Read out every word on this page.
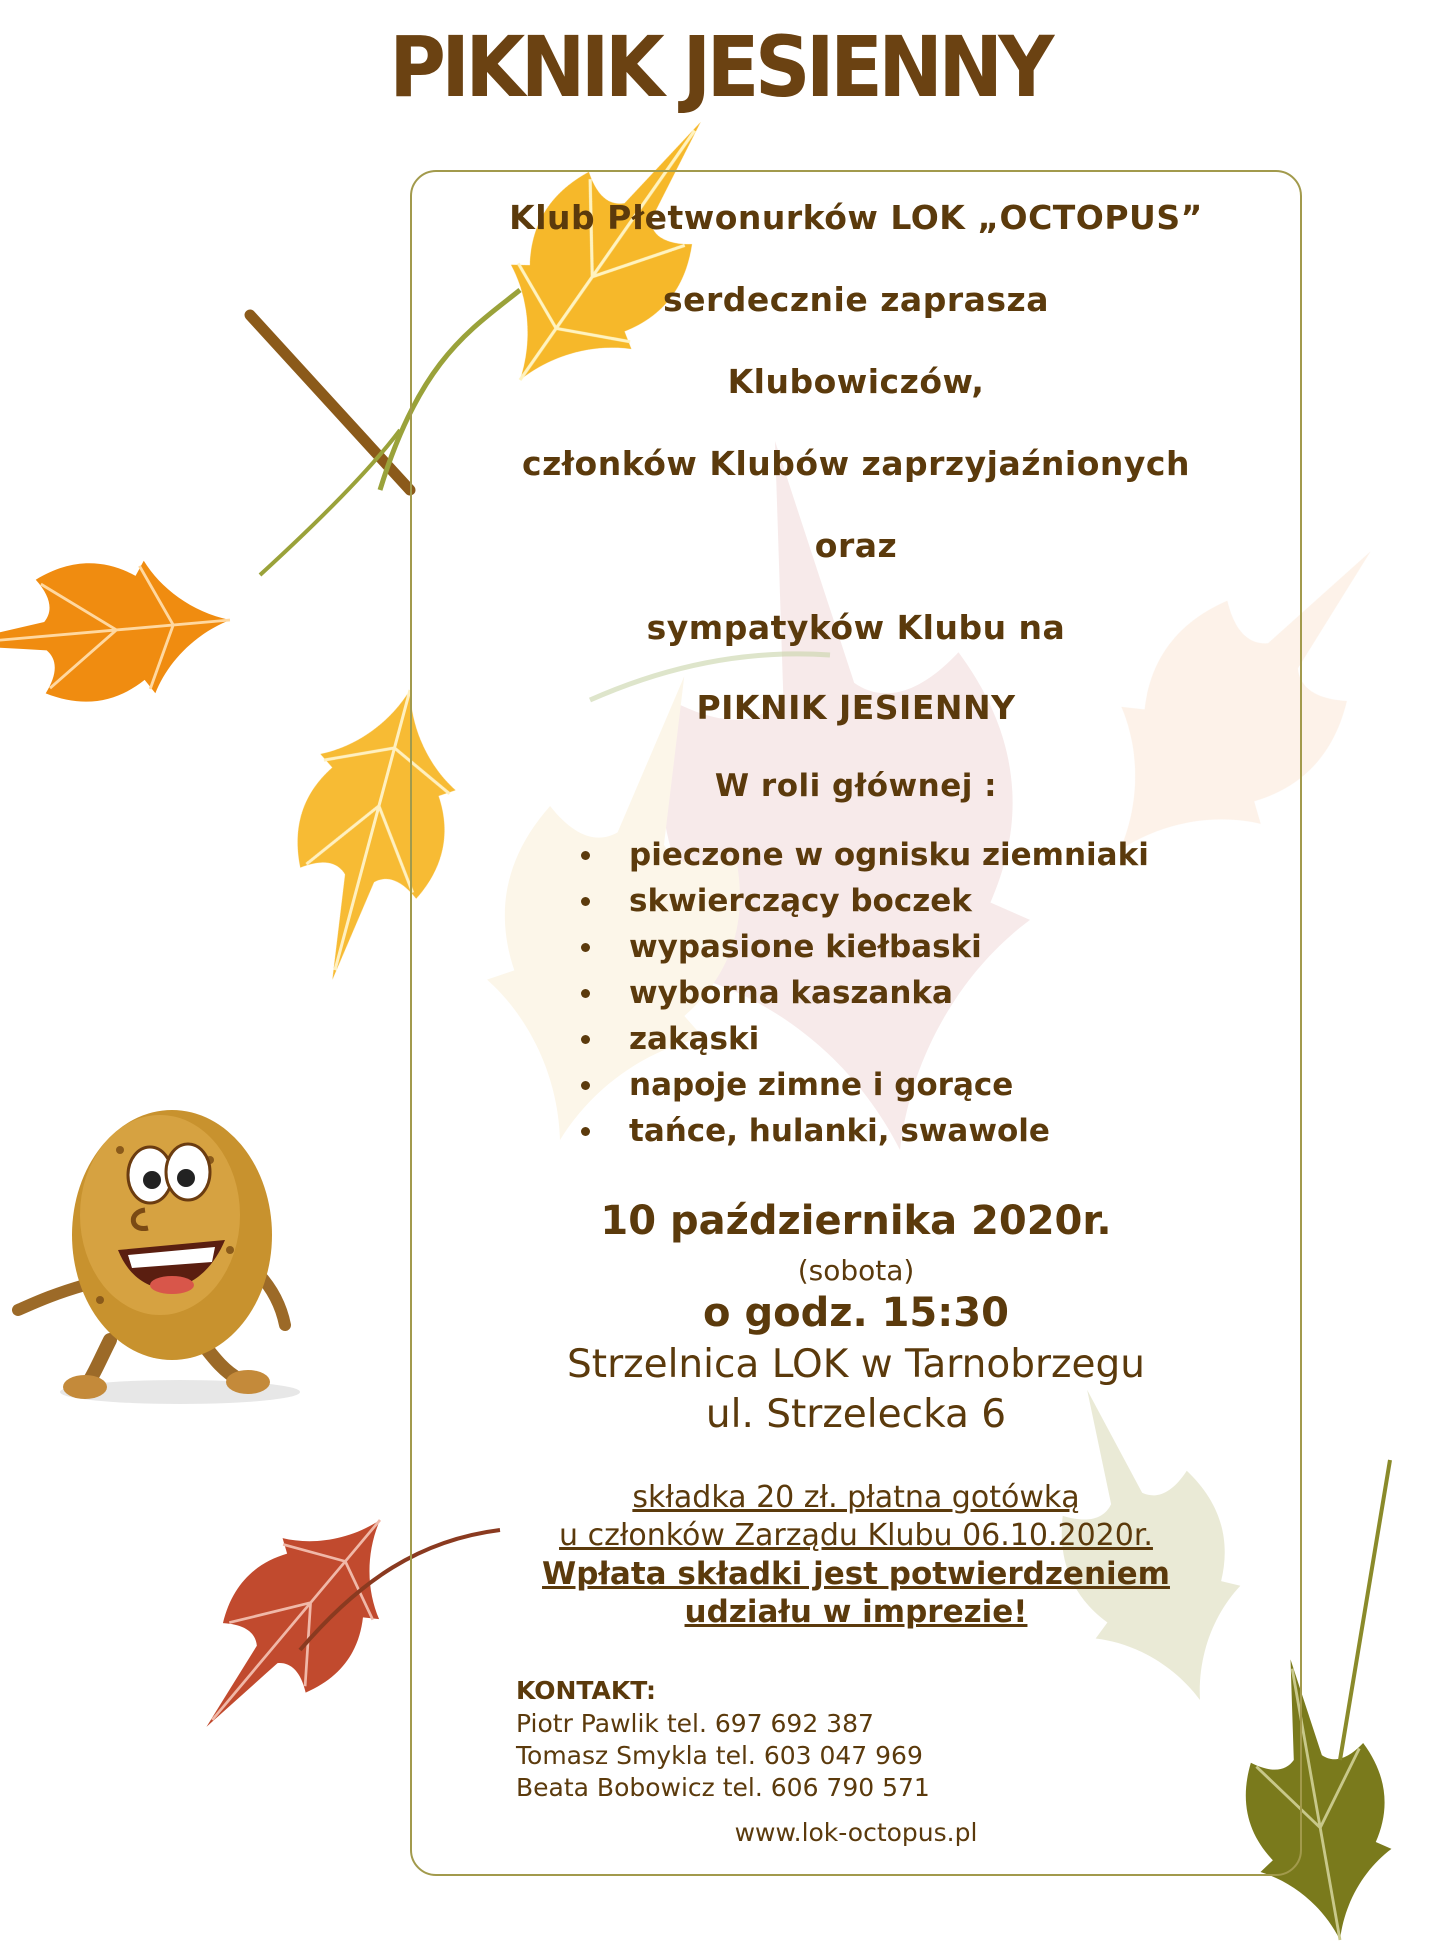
PIKNIK JESIENNY
Klub Płetwonurków LOK „OCTOPUS”
serdecznie zaprasza
Klubowiczów,
członków Klubów zaprzyjaźnionych
oraz
sympatyków Klubu na
PIKNIK JESIENNY
W roli głównej :
pieczone w ognisku ziemniaki
skwierczący boczek
wypasione kiełbaski
wyborna kaszanka
zakąski
napoje zimne i gorące
tańce, hulanki, swawole
10 października 2020r.
(sobota)
o godz. 15:30
Strzelnica LOK w Tarnobrzegu
ul. Strzelecka 6
składka 20 zł. płatna gotówką
u członków Zarządu Klubu 06.10.2020r.
Wpłata składki jest potwierdzeniem
udziału w imprezie!
KONTAKT:
Piotr Pawlik tel. 697 692 387
Tomasz Smykla tel. 603 047 969
Beata Bobowicz tel. 606 790 571
www.lok-octopus.pl
